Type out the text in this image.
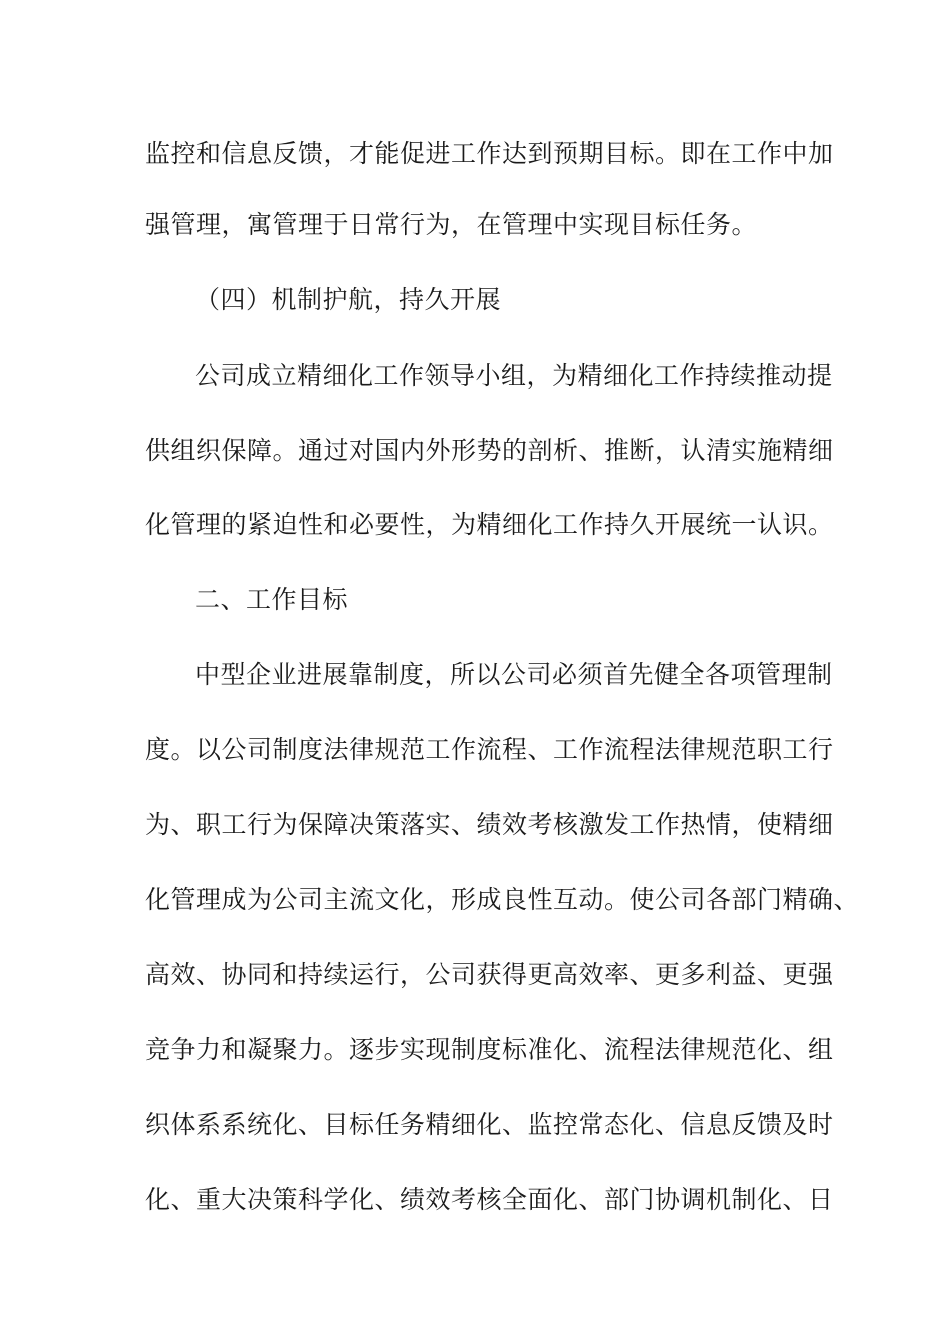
监控和信息反馈，才能促进工作达到预期目标。即在工作中加
强管理，寓管理于日常行为，在管理中实现目标任务。
（四）机制护航，持久开展
公司成立精细化工作领导小组，为精细化工作持续推动提
供组织保障。通过对国内外形势的剖析、推断，认清实施精细
化管理的紧迫性和必要性，为精细化工作持久开展统一认识。
二、工作目标
中型企业进展靠制度，所以公司必须首先健全各项管理制
度。以公司制度法律规范工作流程、工作流程法律规范职工行
为、职工行为保障决策落实、绩效考核激发工作热情，使精细
化管理成为公司主流文化，形成良性互动。使公司各部门精确、
高效、协同和持续运行，公司获得更高效率、更多利益、更强
竞争力和凝聚力。逐步实现制度标准化、流程法律规范化、组
织体系系统化、目标任务精细化、监控常态化、信息反馈及时
化、重大决策科学化、绩效考核全面化、部门协调机制化、日
